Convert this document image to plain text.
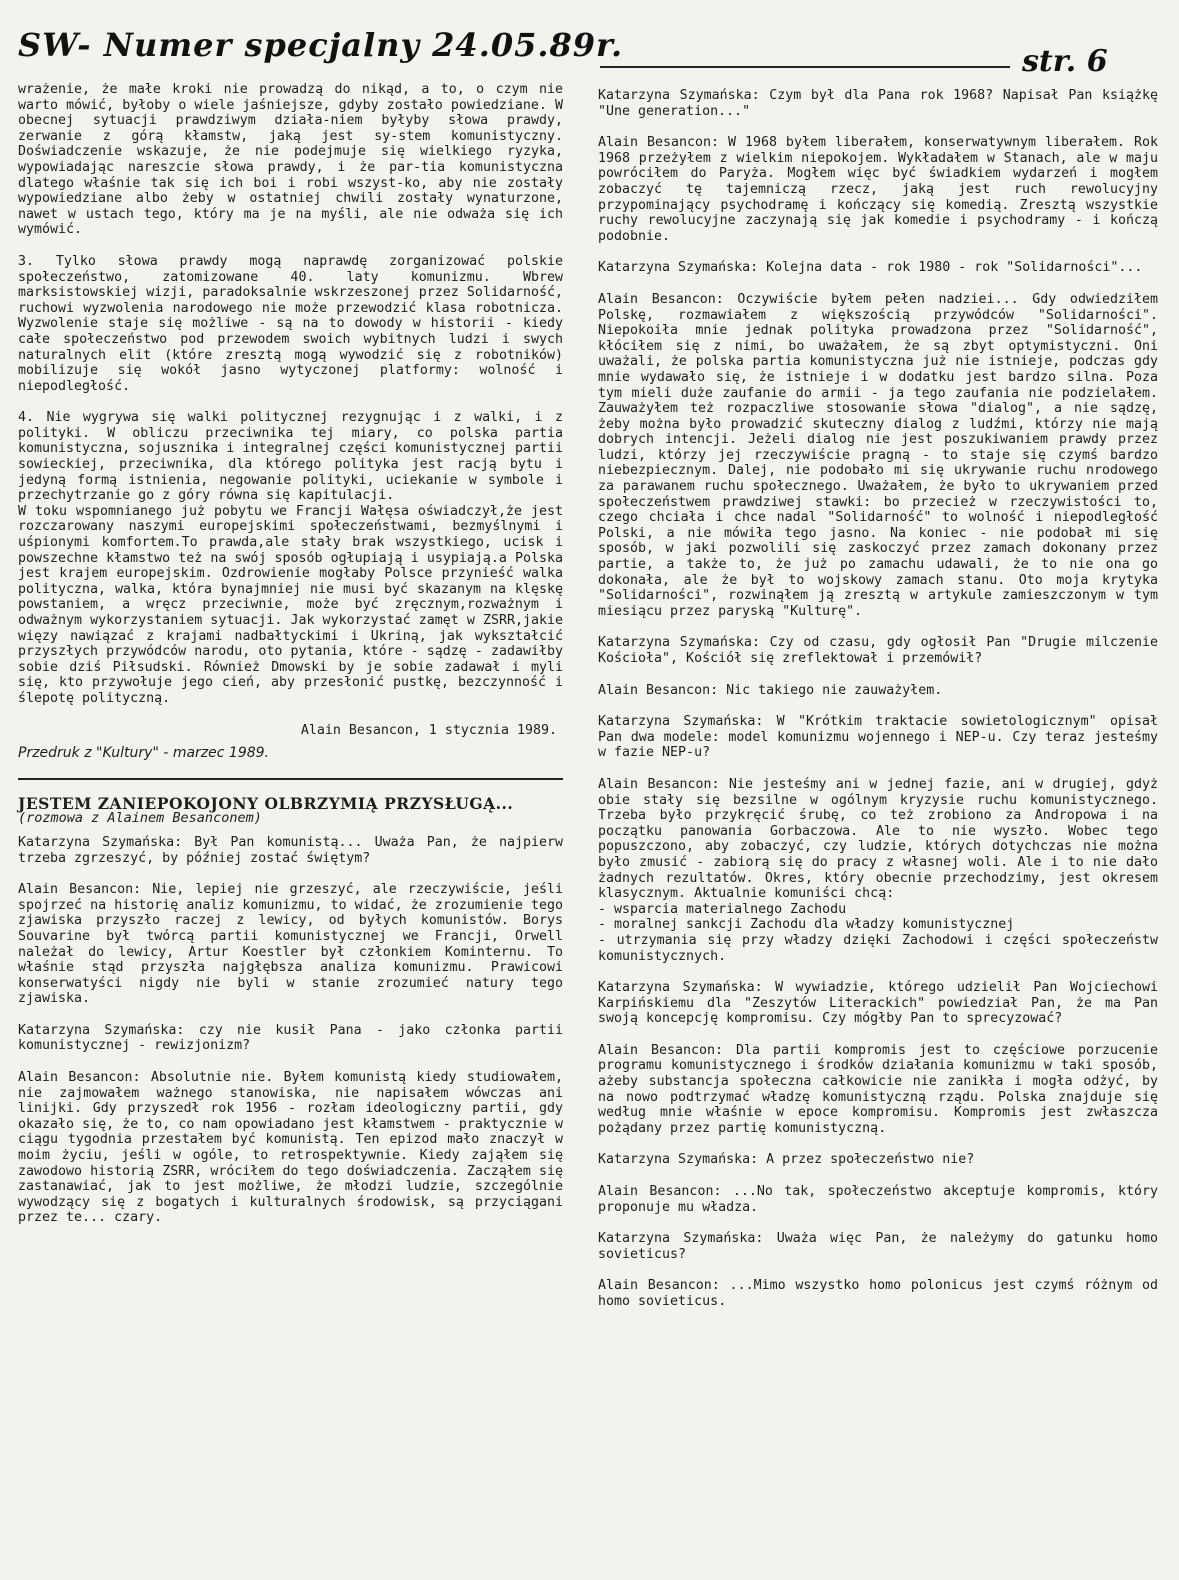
SW- Numer specjalny 24.05.89r.	str. 6

wrażenie, że małe kroki nie prowadzą do nikąd, a to, o czym nie warto mówić, byłoby o wiele jaśniejsze, gdyby zostało powiedziane. W obecnej sytuacji prawdziwym działa-niem byłyby słowa prawdy, zerwanie z górą kłamstw, jaką jest sy-stem komunistyczny. Doświadczenie wskazuje, że nie podejmuje się wielkiego ryzyka, wypowiadając nareszcie słowa prawdy, i że par-tia komunistyczna dlatego właśnie tak się ich boi i robi wszyst-ko, aby nie zostały wypowiedziane albo żeby w ostatniej chwili zostały wynaturzone, nawet w ustach tego, który ma je na myśli, ale nie odważa się ich wymówić.

3. Tylko słowa prawdy mogą naprawdę zorganizować polskie społeczeństwo, zatomizowane 40. laty komunizmu. Wbrew marksistowskiej wizji, paradoksalnie wskrzeszonej przez Solidarność, ruchowi wyzwolenia narodowego nie może przewodzić klasa robotnicza. Wyzwolenie staje się możliwe - są na to dowody w historii - kiedy całe społeczeństwo pod przewodem swoich wybitnych ludzi i swych naturalnych elit (które zresztą mogą wywodzić się z robotników) mobilizuje się wokół jasno wytyczonej platformy: wolność i niepodległość.

4. Nie wygrywa się walki politycznej rezygnując i z walki, i z polityki. W obliczu przeciwnika tej miary, co polska partia komunistyczna, sojusznika i integralnej części komunistycznej partii sowieckiej, przeciwnika, dla którego polityka jest racją bytu i jedyną formą istnienia, negowanie polityki, uciekanie w symbole i przechytrzanie go z góry równa się kapitulacji.

W toku wspomnianego już pobytu we Francji Wałęsa oświadczył,że jest rozczarowany naszymi europejskimi społeczeństwami, bezmyślnymi i uśpionymi komfortem.To prawda,ale stały brak wszystkiego, ucisk i powszechne kłamstwo też na swój sposób ogłupiają i usypiają.a Polska jest krajem europejskim. Ozdrowienie mogłaby Polsce przynieść walka polityczna, walka, która bynajmniej nie musi być skazanym na klęskę powstaniem, a wręcz przeciwnie, może być zręcznym,rozważnym i odważnym wykorzystaniem sytuacji. Jak wykorzystać zamęt w ZSRR,jakie więzy nawiązać z krajami nadbałtyckimi i Ukriną, jak wykształcić przyszłych przywódców narodu, oto pytania, które - sądzę - zadawiłby sobie dziś Piłsudski. Również Dmowski by je sobie zadawał i myli się, kto przywołuje jego cień, aby przesłonić pustkę, bezczynność i ślepotę polityczną.

Alain Besancon, 1 stycznia 1989.

Przedruk z "Kultury" - marzec 1989.

JESTEM ZANIEPOKOJONY OLBRZYMIĄ PRZYSŁUGĄ...

(rozmowa z Alainem Besanconem)

Katarzyna Szymańska: Był Pan komunistą... Uważa Pan, że najpierw trzeba zgrzeszyć, by później zostać świętym?

Alain Besancon: Nie, lepiej nie grzeszyć, ale rzeczywiście, jeśli spojrzeć na historię analiz komunizmu, to widać, że zrozumienie tego zjawiska przyszło raczej z lewicy, od byłych komunistów. Borys Souvarine był twórcą partii komunistycznej we Francji, Orwell należał do lewicy, Artur Koestler był członkiem Kominternu. To właśnie stąd przyszła najgłębsza analiza komunizmu. Prawicowi konserwatyści nigdy nie byli w stanie zrozumieć natury tego zjawiska.

Katarzyna Szymańska: czy nie kusił Pana - jako członka partii komunistycznej - rewizjonizm?

Alain Besancon: Absolutnie nie. Byłem komunistą kiedy studiowałem, nie zajmowałem ważnego stanowiska, nie napisałem wówczas ani linijki. Gdy przyszedł rok 1956 - rozłam ideologiczny partii, gdy okazało się, że to, co nam opowiadano jest kłamstwem - praktycznie w ciągu tygodnia przestałem być komunistą. Ten epizod mało znaczył w moim życiu, jeśli w ogóle, to retrospektywnie. Kiedy zająłem się zawodowo historią ZSRR, wróciłem do tego doświadczenia. Zacząłem się zastanawiać, jak to jest możliwe, że młodzi ludzie, szczególnie wywodzący się z bogatych i kulturalnych środowisk, są przyciągani przez te... czary.

Katarzyna Szymańska: Czym był dla Pana rok 1968? Napisał Pan książkę "Une generation..."

Alain Besancon: W 1968 byłem liberałem, konserwatywnym liberałem. Rok 1968 przeżyłem z wielkim niepokojem. Wykładałem w Stanach, ale w maju powróciłem do Paryża. Mogłem więc być świadkiem wydarzeń i mogłem zobaczyć tę tajemniczą rzecz, jaką jest ruch rewolucyjny przypominający psychodramę i kończący się komedią. Zresztą wszystkie ruchy rewolucyjne zaczynają się jak komedie i psychodramy - i kończą podobnie.

Katarzyna Szymańska: Kolejna data - rok 1980 - rok "Solidarności"...

Alain Besancon: Oczywiście byłem pełen nadziei... Gdy odwiedziłem Polskę, rozmawiałem z większością przywódców "Solidarności". Niepokoiła mnie jednak polityka prowadzona przez "Solidarność", kłóciłem się z nimi, bo uważałem, że są zbyt optymistyczni. Oni uważali, że polska partia komunistyczna już nie istnieje, podczas gdy mnie wydawało się, że istnieje i w dodatku jest bardzo silna. Poza tym mieli duże zaufanie do armii - ja tego zaufania nie podzielałem. Zauważyłem też rozpaczliwe stosowanie słowa "dialog", a nie sądzę, żeby można było prowadzić skuteczny dialog z ludźmi, którzy nie mają dobrych intencji. Jeżeli dialog nie jest poszukiwaniem prawdy przez ludzi, którzy jej rzeczywiście pragną - to staje się czymś bardzo niebezpiecznym. Dalej, nie podobało mi się ukrywanie ruchu nrodowego za parawanem ruchu społecznego. Uważałem, że było to ukrywaniem przed społeczeństwem prawdziwej stawki: bo przecież w rzeczywistości to, czego chciała i chce nadal "Solidarność" to wolność i niepodległość Polski, a nie mówiła tego jasno. Na koniec - nie podobał mi się sposób, w jaki pozwolili się zaskoczyć przez zamach dokonany przez partie, a także to, że już po zamachu udawali, że to nie ona go dokonała, ale że był to wojskowy zamach stanu. Oto moja krytyka "Solidarności", rozwinąłem ją zresztą w artykule zamieszczonym w tym miesiącu przez paryską "Kulturę".

Katarzyna Szymańska: Czy od czasu, gdy ogłosił Pan "Drugie milczenie Kościoła", Kościół się zreflektował i przemówił?

Alain Besancon: Nic takiego nie zauważyłem.

Katarzyna Szymańska: W "Krótkim traktacie sowietologicznym" opisał Pan dwa modele: model komunizmu wojennego i NEP-u. Czy teraz jesteśmy w fazie NEP-u?

Alain Besancon: Nie jesteśmy ani w jednej fazie, ani w drugiej, gdyż obie stały się bezsilne w ogólnym kryzysie ruchu komunistycznego. Trzeba było przykręcić śrubę, co też zrobiono za Andropowa i na początku panowania Gorbaczowa. Ale to nie wyszło. Wobec tego popuszczono, aby zobaczyć, czy ludzie, których dotychczas nie można było zmusić - zabiorą się do pracy z własnej woli. Ale i to nie dało żadnych rezultatów. Okres, który obecnie przechodzimy, jest okresem klasycznym. Aktualnie komuniści chcą:

- wsparcia materialnego Zachodu

- moralnej sankcji Zachodu dla władzy komunistycznej

- utrzymania się przy władzy dzięki Zachodowi i części społeczeństw komunistycznych.

Katarzyna Szymańska: W wywiadzie, którego udzielił Pan Wojciechowi Karpińskiemu dla "Zeszytów Literackich" powiedział Pan, że ma Pan swoją koncepcję kompromisu. Czy mógłby Pan to sprecyzować?

Alain Besancon: Dla partii kompromis jest to częściowe porzucenie programu komunistycznego i środków działania komunizmu w taki sposób, ażeby substancja społeczna całkowicie nie zanikła i mogła odżyć, by na nowo podtrzymać władzę komunistyczną rządu. Polska znajduje się według mnie właśnie w epoce kompromisu. Kompromis jest zwłaszcza pożądany przez partię komunistyczną.

Katarzyna Szymańska: A przez społeczeństwo nie?

Alain Besancon: ...No tak, społeczeństwo akceptuje kompromis, który proponuje mu władza.

Katarzyna Szymańska: Uważa więc Pan, że należymy do gatunku homo sovieticus?

Alain Besancon: ...Mimo wszystko homo polonicus jest czymś różnym od homo sovieticus.
